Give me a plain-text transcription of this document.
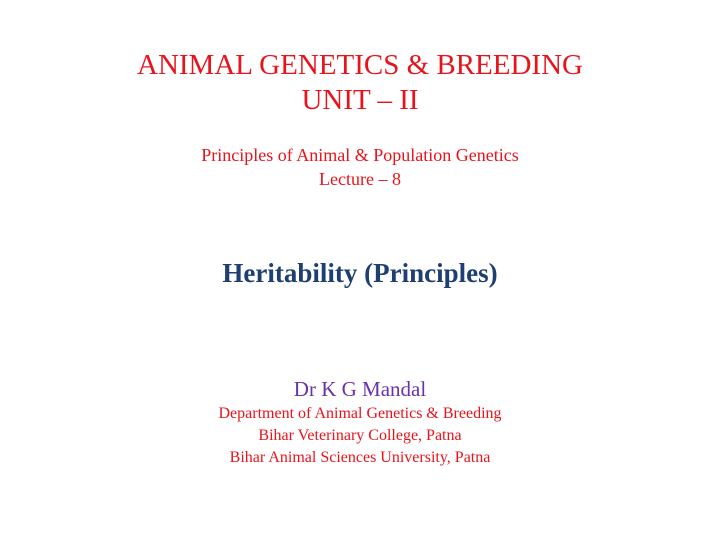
ANIMAL GENETICS & BREEDING
UNIT – II
Principles of Animal & Population Genetics
Lecture – 8
Heritability (Principles)
Dr K G Mandal
Department of Animal Genetics & Breeding
Bihar Veterinary College, Patna
Bihar Animal Sciences University, Patna
